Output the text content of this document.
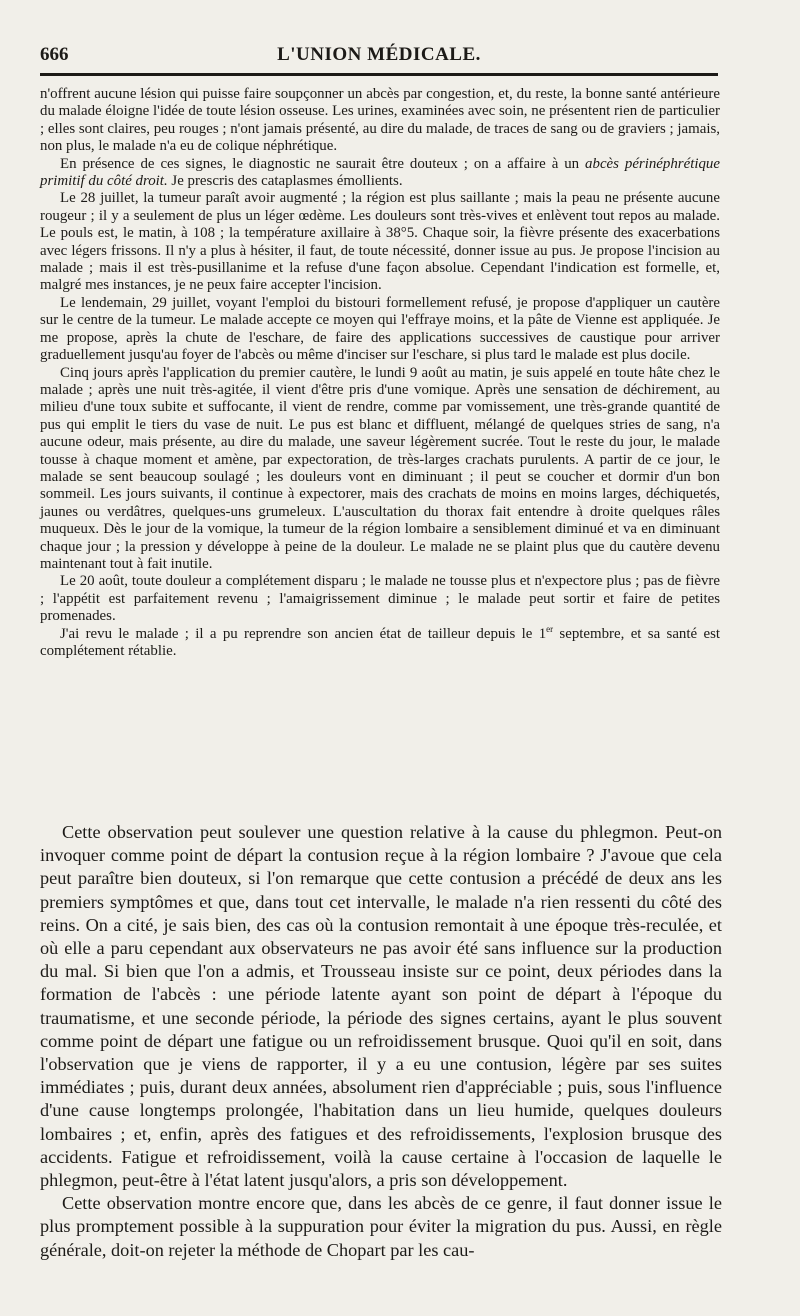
666	L'UNION MÉDICALE.

n'offrent aucune lésion qui puisse faire soupçonner un abcès par congestion, et, du reste, la bonne santé antérieure du malade éloigne l'idée de toute lésion osseuse. Les urines, examinées avec soin, ne présentent rien de particulier ; elles sont claires, peu rouges ; n'ont jamais présenté, au dire du malade, de traces de sang ou de graviers ; jamais, non plus, le malade n'a eu de colique néphrétique.

En présence de ces signes, le diagnostic ne saurait être douteux ; on a affaire à un abcès périnéphrétique primitif du côté droit. Je prescris des cataplasmes émollients.

Le 28 juillet, la tumeur paraît avoir augmenté ; la région est plus saillante ; mais la peau ne présente aucune rougeur ; il y a seulement de plus un léger œdème. Les douleurs sont très-vives et enlèvent tout repos au malade. Le pouls est, le matin, à 108 ; la température axillaire à 38°5. Chaque soir, la fièvre présente des exacerbations avec légers frissons. Il n'y a plus à hésiter, il faut, de toute nécessité, donner issue au pus. Je propose l'incision au malade ; mais il est très-pusillanime et la refuse d'une façon absolue. Cependant l'indication est formelle, et, malgré mes instances, je ne peux faire accepter l'incision.

Le lendemain, 29 juillet, voyant l'emploi du bistouri formellement refusé, je propose d'appliquer un cautère sur le centre de la tumeur. Le malade accepte ce moyen qui l'effraye moins, et la pâte de Vienne est appliquée. Je me propose, après la chute de l'eschare, de faire des applications successives de caustique pour arriver graduellement jusqu'au foyer de l'abcès ou même d'inciser sur l'eschare, si plus tard le malade est plus docile.

Cinq jours après l'application du premier cautère, le lundi 9 août au matin, je suis appelé en toute hâte chez le malade ; après une nuit très-agitée, il vient d'être pris d'une vomique. Après une sensation de déchirement, au milieu d'une toux subite et suffocante, il vient de rendre, comme par vomissement, une très-grande quantité de pus qui emplit le tiers du vase de nuit. Le pus est blanc et diffluent, mélangé de quelques stries de sang, n'a aucune odeur, mais présente, au dire du malade, une saveur légèrement sucrée. Tout le reste du jour, le malade tousse à chaque moment et amène, par expectoration, de très-larges crachats purulents. A partir de ce jour, le malade se sent beaucoup soulagé ; les douleurs vont en diminuant ; il peut se coucher et dormir d'un bon sommeil. Les jours suivants, il continue à expectorer, mais des crachats de moins en moins larges, déchiquetés, jaunes ou verdâtres, quelques-uns grumeleux. L'auscultation du thorax fait entendre à droite quelques râles muqueux. Dès le jour de la vomique, la tumeur de la région lombaire a sensiblement diminué et va en diminuant chaque jour ; la pression y développe à peine de la douleur. Le malade ne se plaint plus que du cautère devenu maintenant tout à fait inutile.

Le 20 août, toute douleur a complétement disparu ; le malade ne tousse plus et n'expectore plus ; pas de fièvre ; l'appétit est parfaitement revenu ; l'amaigrissement diminue ; le malade peut sortir et faire de petites promenades.

J'ai revu le malade ; il a pu reprendre son ancien état de tailleur depuis le 1er septembre, et sa santé est complétement rétablie.

Cette observation peut soulever une question relative à la cause du phlegmon. Peut-on invoquer comme point de départ la contusion reçue à la région lombaire ? J'avoue que cela peut paraître bien douteux, si l'on remarque que cette contusion a précédé de deux ans les premiers symptômes et que, dans tout cet intervalle, le malade n'a rien ressenti du côté des reins. On a cité, je sais bien, des cas où la contusion remontait à une époque très-reculée, et où elle a paru cependant aux observateurs ne pas avoir été sans influence sur la production du mal. Si bien que l'on a admis, et Trousseau insiste sur ce point, deux périodes dans la formation de l'abcès : une période latente ayant son point de départ à l'époque du traumatisme, et une seconde période, la période des signes certains, ayant le plus souvent comme point de départ une fatigue ou un refroidissement brusque. Quoi qu'il en soit, dans l'observation que je viens de rapporter, il y a eu une contusion, légère par ses suites immédiates ; puis, durant deux années, absolument rien d'appréciable ; puis, sous l'influence d'une cause longtemps prolongée, l'habitation dans un lieu humide, quelques douleurs lombaires ; et, enfin, après des fatigues et des refroidissements, l'explosion brusque des accidents. Fatigue et refroidissement, voilà la cause certaine à l'occasion de laquelle le phlegmon, peut-être à l'état latent jusqu'alors, a pris son développement.

Cette observation montre encore que, dans les abcès de ce genre, il faut donner issue le plus promptement possible à la suppuration pour éviter la migration du pus. Aussi, en règle générale, doit-on rejeter la méthode de Chopart par les cau-
